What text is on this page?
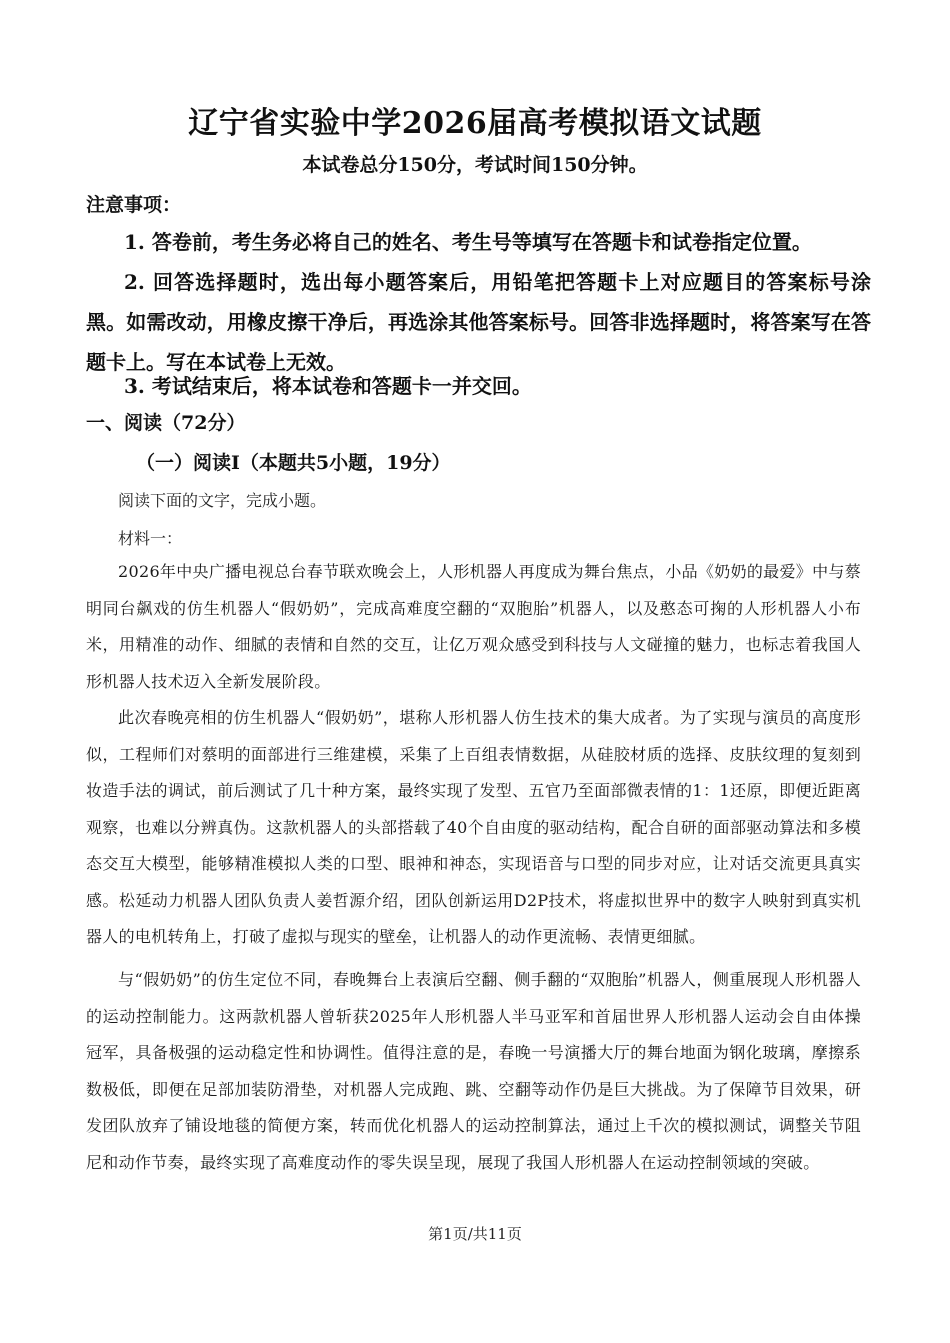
辽宁省实验中学2026届高考模拟语文试题
本试卷总分150分，考试时间150分钟。
注意事项：
1. 答卷前，考生务必将自己的姓名、考生号等填写在答题卡和试卷指定位置。
2. 回答选择题时，选出每小题答案后，用铅笔把答题卡上对应题目的答案标号涂黑。如需改动，用橡皮擦干净后，再选涂其他答案标号。回答非选择题时，将答案写在答题卡上。写在本试卷上无效。
3. 考试结束后，将本试卷和答题卡一并交回。
一、阅读（72分）
（一）阅读Ⅰ（本题共5小题，19分）
阅读下面的文字，完成小题。
材料一：
2026年中央广播电视总台春节联欢晚会上，人形机器人再度成为舞台焦点，小品《奶奶的最爱》中与蔡明同台飙戏的仿生机器人“假奶奶”，完成高难度空翻的“双胞胎”机器人，以及憨态可掬的人形机器人小布米，用精准的动作、细腻的表情和自然的交互，让亿万观众感受到科技与人文碰撞的魅力，也标志着我国人形机器人技术迈入全新发展阶段。
此次春晚亮相的仿生机器人“假奶奶”，堪称人形机器人仿生技术的集大成者。为了实现与演员的高度形似，工程师们对蔡明的面部进行三维建模，采集了上百组表情数据，从硅胶材质的选择、皮肤纹理的复刻到妆造手法的调试，前后测试了几十种方案，最终实现了发型、五官乃至面部微表情的1：1还原，即便近距离观察，也难以分辨真伪。这款机器人的头部搭载了40个自由度的驱动结构，配合自研的面部驱动算法和多模态交互大模型，能够精准模拟人类的口型、眼神和神态，实现语音与口型的同步对应，让对话交流更具真实感。松延动力机器人团队负责人姜哲源介绍，团队创新运用D2P技术，将虚拟世界中的数字人映射到真实机器人的电机转角上，打破了虚拟与现实的壁垒，让机器人的动作更流畅、表情更细腻。
与“假奶奶”的仿生定位不同，春晚舞台上表演后空翻、侧手翻的“双胞胎”机器人，侧重展现人形机器人的运动控制能力。这两款机器人曾斩获2025年人形机器人半马亚军和首届世界人形机器人运动会自由体操冠军，具备极强的运动稳定性和协调性。值得注意的是，春晚一号演播大厅的舞台地面为钢化玻璃，摩擦系数极低，即便在足部加装防滑垫，对机器人完成跑、跳、空翻等动作仍是巨大挑战。为了保障节目效果，研发团队放弃了铺设地毯的简便方案，转而优化机器人的运动控制算法，通过上千次的模拟测试，调整关节阻尼和动作节奏，最终实现了高难度动作的零失误呈现，展现了我国人形机器人在运动控制领域的突破。
第1页/共11页
